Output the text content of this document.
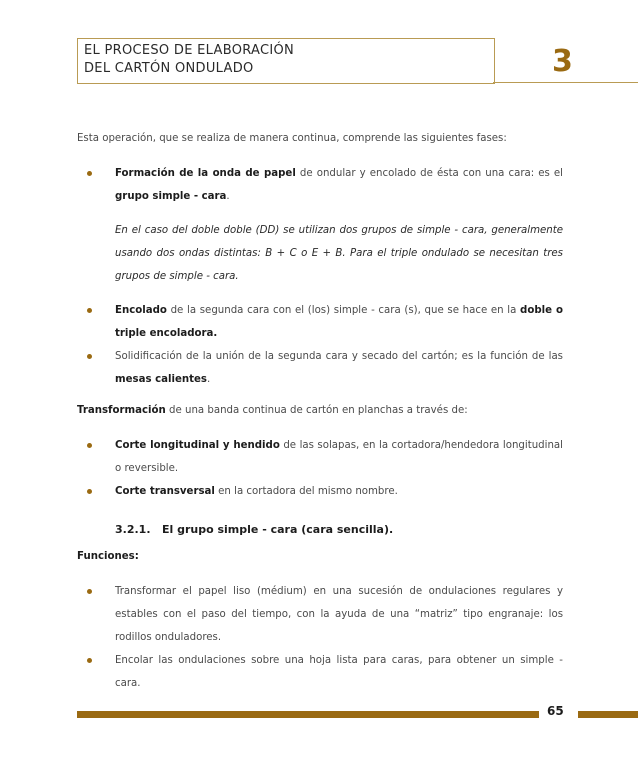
EL PROCESO DE ELABORACIÓN
DEL CARTÓN ONDULADO	3

Esta operación, que se realiza de manera continua, comprende las siguientes fases:

Formación de la onda de papel de ondular y encolado de ésta con una cara: es el grupo simple - cara.

En el caso del doble doble (DD) se utilizan dos grupos de simple - cara, generalmente usando dos ondas distintas: B + C o E + B. Para el triple ondulado se necesitan tres grupos de simple - cara.

Encolado de la segunda cara con el (los) simple - cara (s), que se hace en la doble o triple encoladora.
Solidificación de la unión de la segunda cara y secado del cartón; es la función de las mesas calientes.

Transformación de una banda continua de cartón en planchas a través de:

Corte longitudinal y hendido de las solapas, en la cortadora/hendedora longitudinal o reversible.
Corte transversal en la cortadora del mismo nombre.

3.2.1.   El grupo simple - cara (cara sencilla).

Funciones:

Transformar el papel liso (médium) en una sucesión de ondulaciones regulares y estables con el paso del tiempo, con la ayuda de una “matriz” tipo engranaje: los rodillos onduladores.
Encolar las ondulaciones sobre una hoja lista para caras, para obtener un simple - cara.
65
